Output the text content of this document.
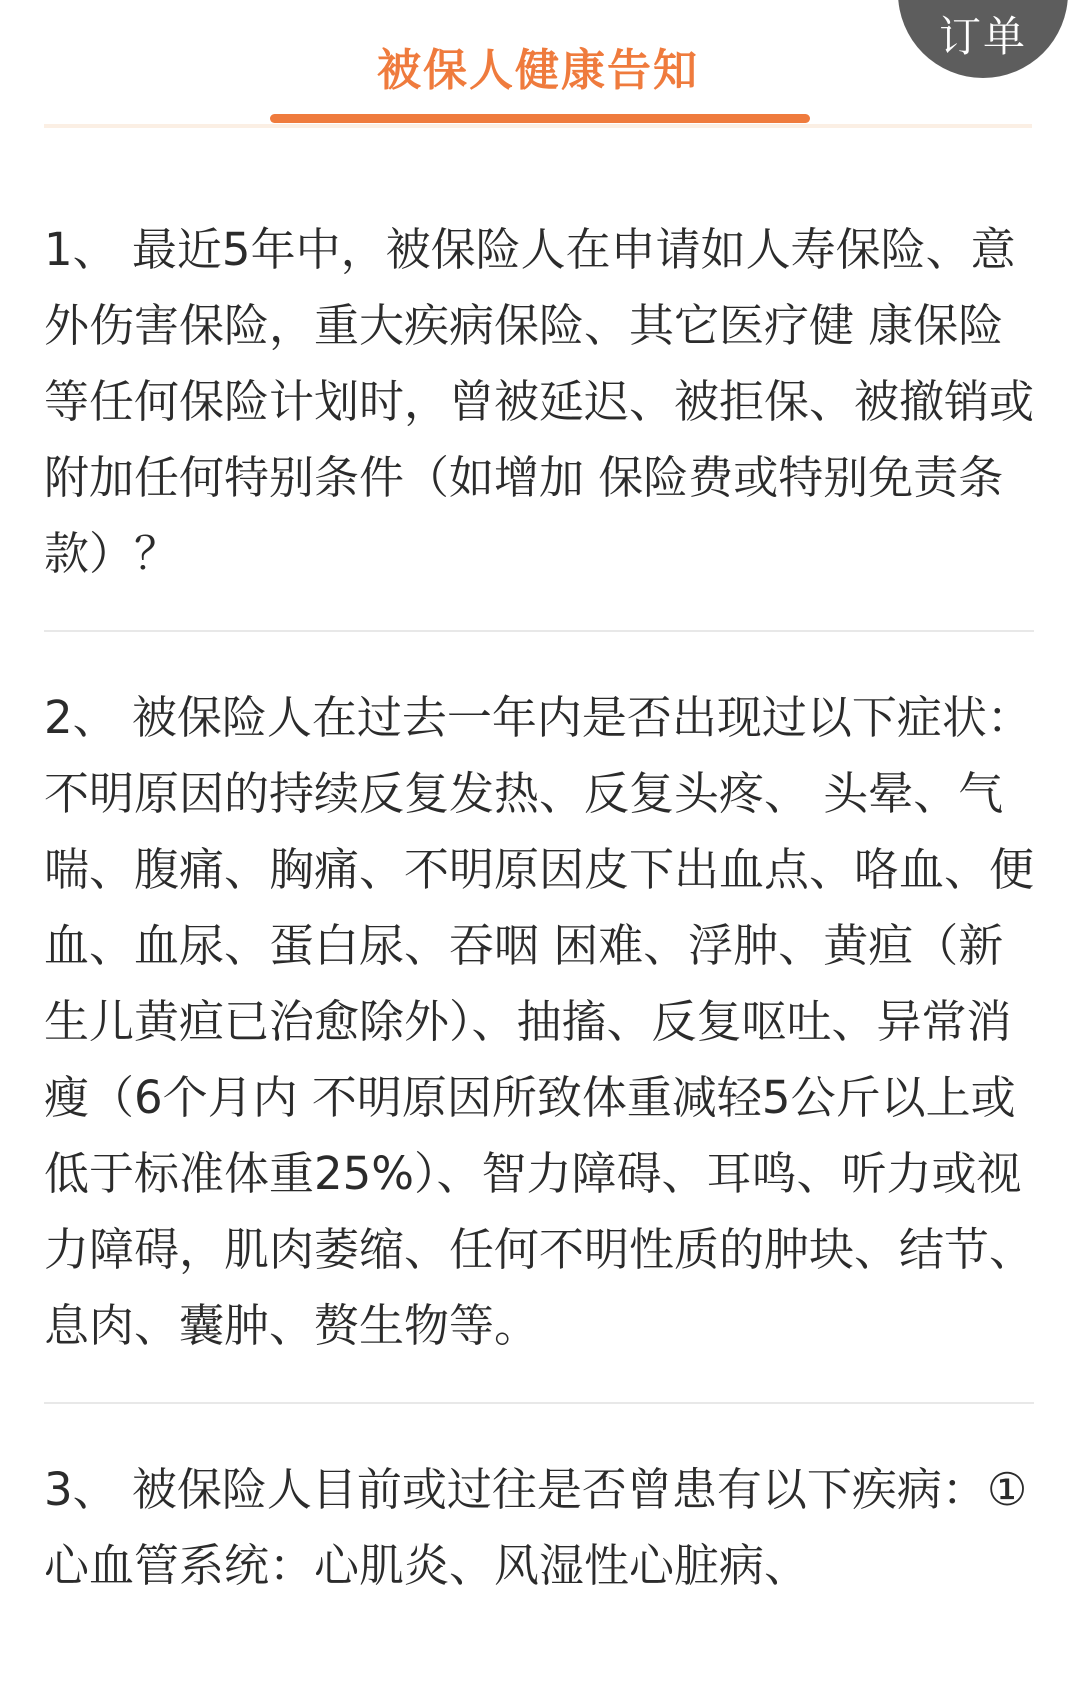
订单
被保人健康告知
1、 最近5年中，被保险人在申请如人寿保险、意外伤害保险，重大疾病保险、其它医疗健 康保险等任何保险计划时，曾被延迟、被拒保、被撤销或附加任何特别条件（如增加 保险费或特别免责条款）？
2、 被保险人在过去一年内是否出现过以下症状：不明原因的持续反复发热、反复头疼、 头晕、气喘、腹痛、胸痛、不明原因皮下出血点、咯血、便血、血尿、蛋白尿、吞咽 困难、浮肿、黄疸（新生儿黄疸已治愈除外）、抽搐、反复呕吐、异常消瘦（6个月内 不明原因所致体重减轻5公斤以上或低于标准体重25%）、智力障碍、耳鸣、听力或视 力障碍，肌肉萎缩、任何不明性质的肿块、结节、息肉、囊肿、赘生物等。
3、 被保险人目前或过往是否曾患有以下疾病：①心血管系统：心肌炎、风湿性心脏病、
